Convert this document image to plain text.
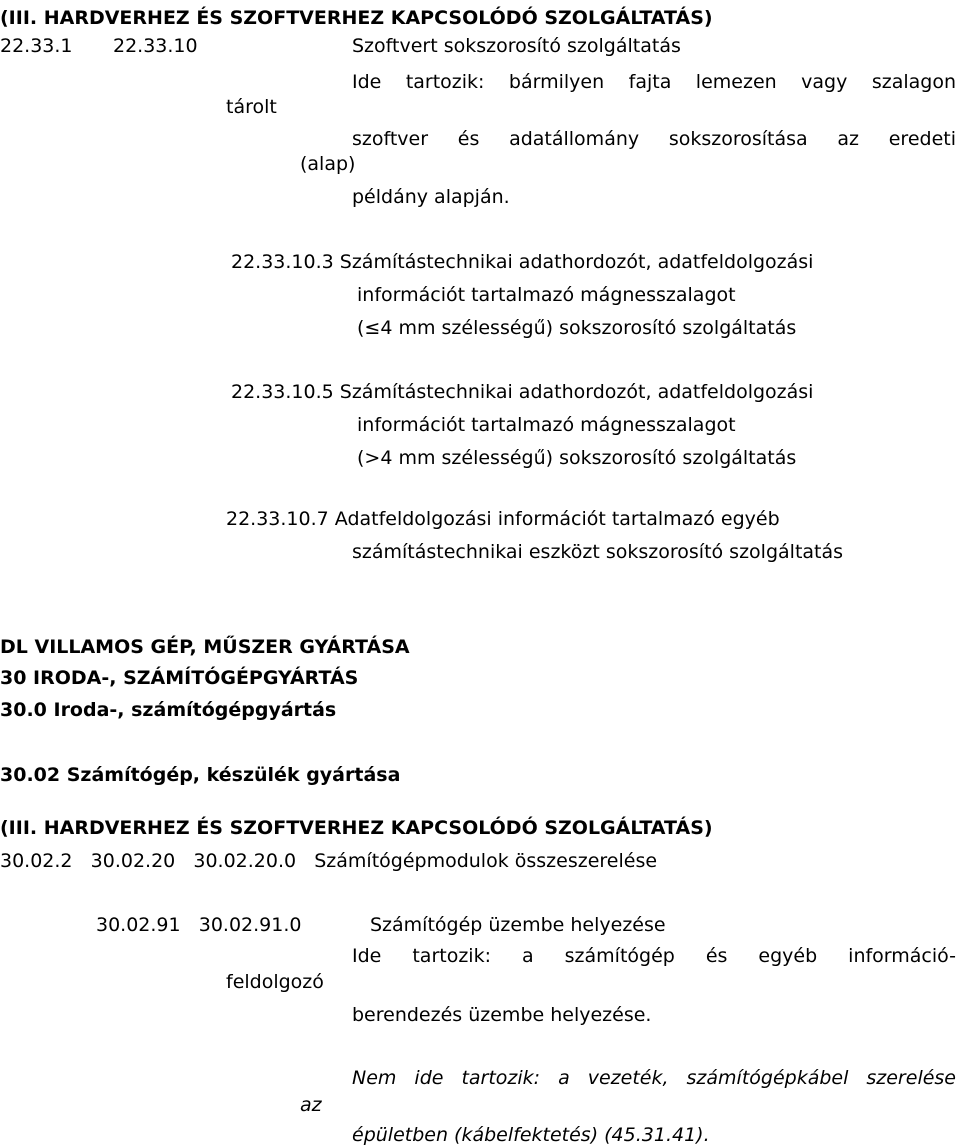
(III. HARDVERHEZ ÉS SZOFTVERHEZ KAPCSOLÓDÓ SZOLGÁLTATÁS)
22.33.1 22.33.10	Szoftvert sokszorosító szolgáltatás
Ide tartozik: bármilyen fajta lemezen vagy szalagon
tárolt
szoftver és adatállomány sokszorosítása az eredeti
(alap)
példány alapján.
22.33.10.3 Számítástechnikai adathordozót, adatfeldolgozási
információt tartalmazó mágnesszalagot
(≤4 mm szélességű) sokszorosító szolgáltatás
22.33.10.5 Számítástechnikai adathordozót, adatfeldolgozási
információt tartalmazó mágnesszalagot
(>4 mm szélességű) sokszorosító szolgáltatás
22.33.10.7 Adatfeldolgozási információt tartalmazó egyéb
számítástechnikai eszközt sokszorosító szolgáltatás
DL VILLAMOS GÉP, MŰSZER GYÁRTÁSA
30 IRODA-, SZÁMÍTÓGÉPGYÁRTÁS
30.0 Iroda-, számítógépgyártás
30.02 Számítógép, készülék gyártása
(III. HARDVERHEZ ÉS SZOFTVERHEZ KAPCSOLÓDÓ SZOLGÁLTATÁS)
30.02.2   30.02.20   30.02.20.0   Számítógépmodulok összeszerelése
30.02.91   30.02.91.0	Számítógép üzembe helyezése
Ide tartozik: a számítógép és egyéb információ-
feldolgozó
berendezés üzembe helyezése.
Nem ide tartozik: a vezeték, számítógépkábel szerelése
az
épületben (kábelfektetés) (45.31.41).
